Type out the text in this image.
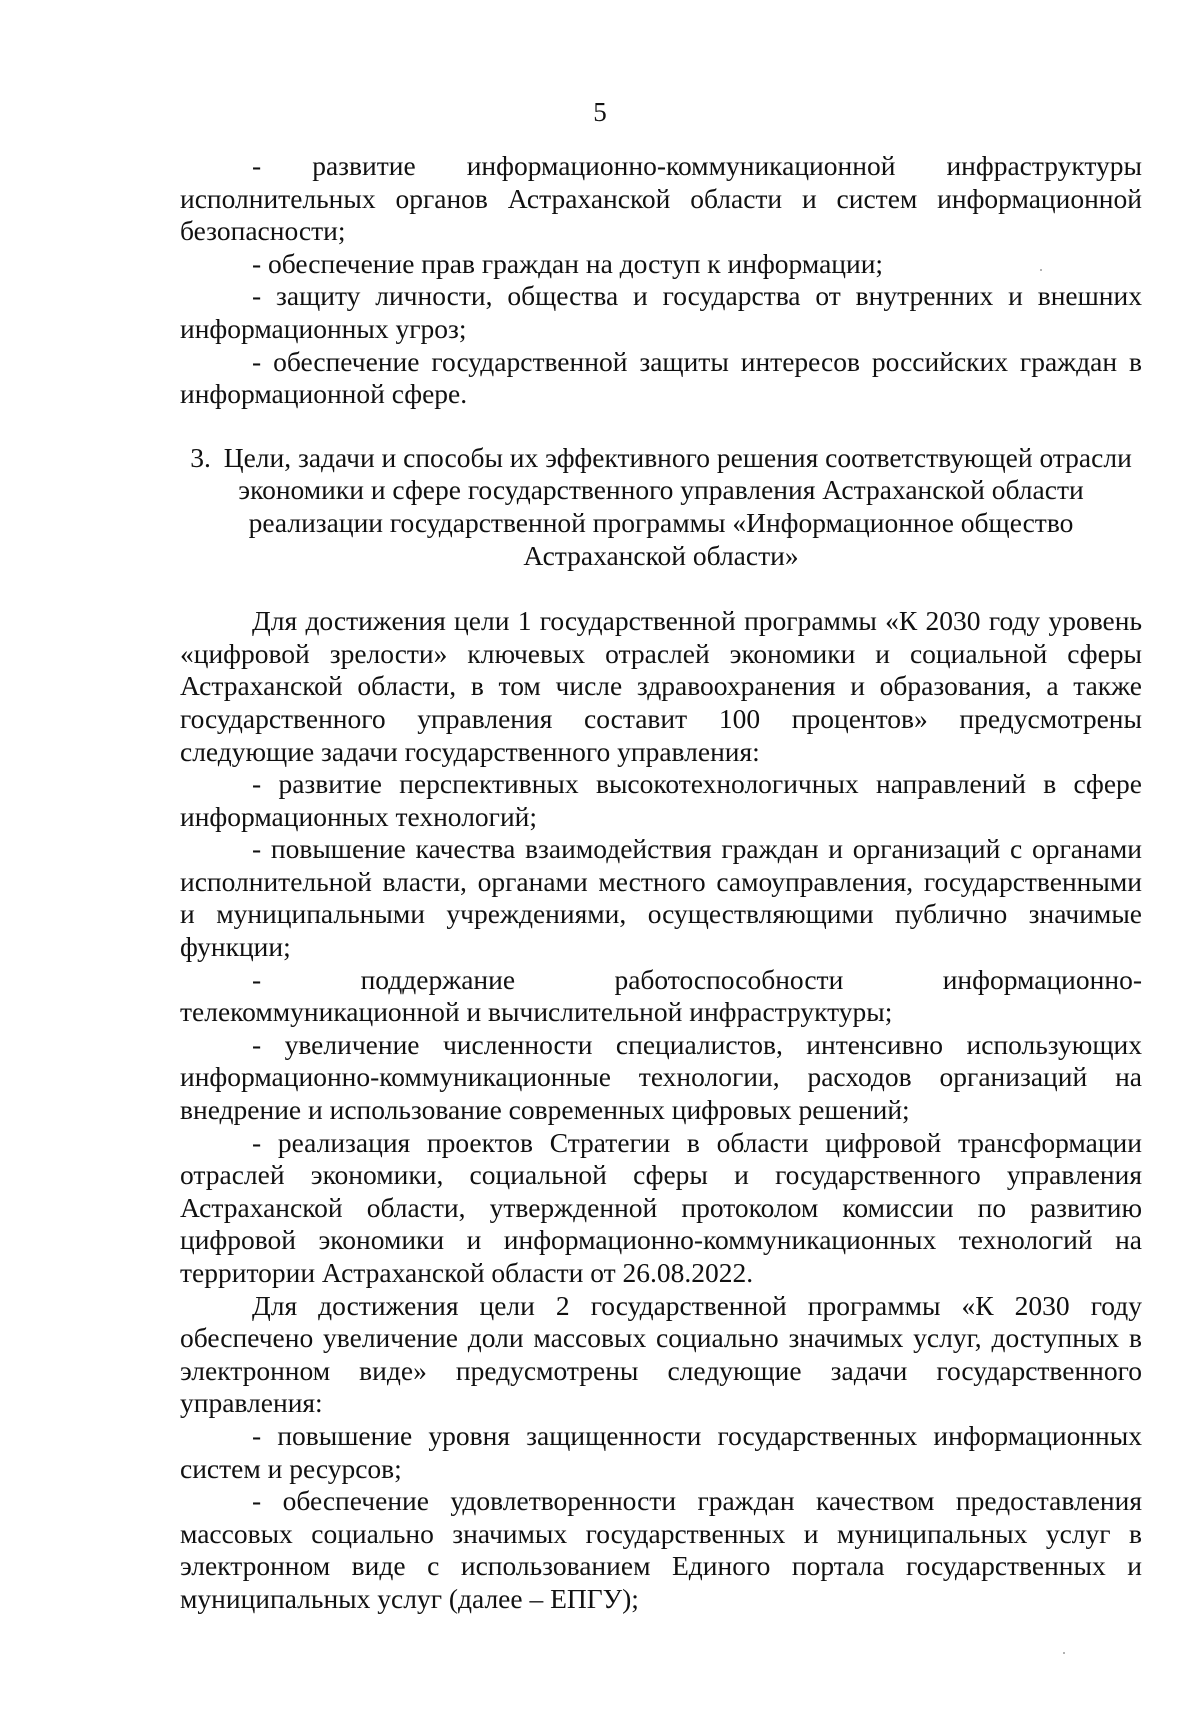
5

- развитие информационно-коммуникационной инфраструктуры исполнительных органов Астраханской области и систем информационной безопасности;

- обеспечение прав граждан на доступ к информации;

- защиту личности, общества и государства от внутренних и внешних информационных угроз;

- обеспечение государственной защиты интересов российских граждан в информационной сфере.

3. Цели, задачи и способы их эффективного решения соответствующей отрасли экономики и сфере государственного управления Астраханской области реализации государственной программы «Информационное общество Астраханской области»

Для достижения цели 1 государственной программы «К 2030 году уровень «цифровой зрелости» ключевых отраслей экономики и социальной сферы Астраханской области, в том числе здравоохранения и образования, а также государственного управления составит 100 процентов» предусмотрены следующие задачи государственного управления:

- развитие перспективных высокотехнологичных направлений в сфере информационных технологий;

- повышение качества взаимодействия граждан и организаций с органами исполнительной власти, органами местного самоуправления, государственными и муниципальными учреждениями, осуществляющими публично значимые функции;

- поддержание работоспособности информационно-телекоммуникационной и вычислительной инфраструктуры;

- увеличение численности специалистов, интенсивно использующих информационно-коммуникационные технологии, расходов организаций на внедрение и использование современных цифровых решений;

- реализация проектов Стратегии в области цифровой трансформации отраслей экономики, социальной сферы и государственного управления Астраханской области, утвержденной протоколом комиссии по развитию цифровой экономики и информационно-коммуникационных технологий на территории Астраханской области от 26.08.2022.

Для достижения цели 2 государственной программы «К 2030 году обеспечено увеличение доли массовых социально значимых услуг, доступных в электронном виде» предусмотрены следующие задачи государственного управления:

- повышение уровня защищенности государственных информационных систем и ресурсов;

- обеспечение удовлетворенности граждан качеством предоставления массовых социально значимых государственных и муниципальных услуг в электронном виде с использованием Единого портала государственных и муниципальных услуг (далее – ЕПГУ);
